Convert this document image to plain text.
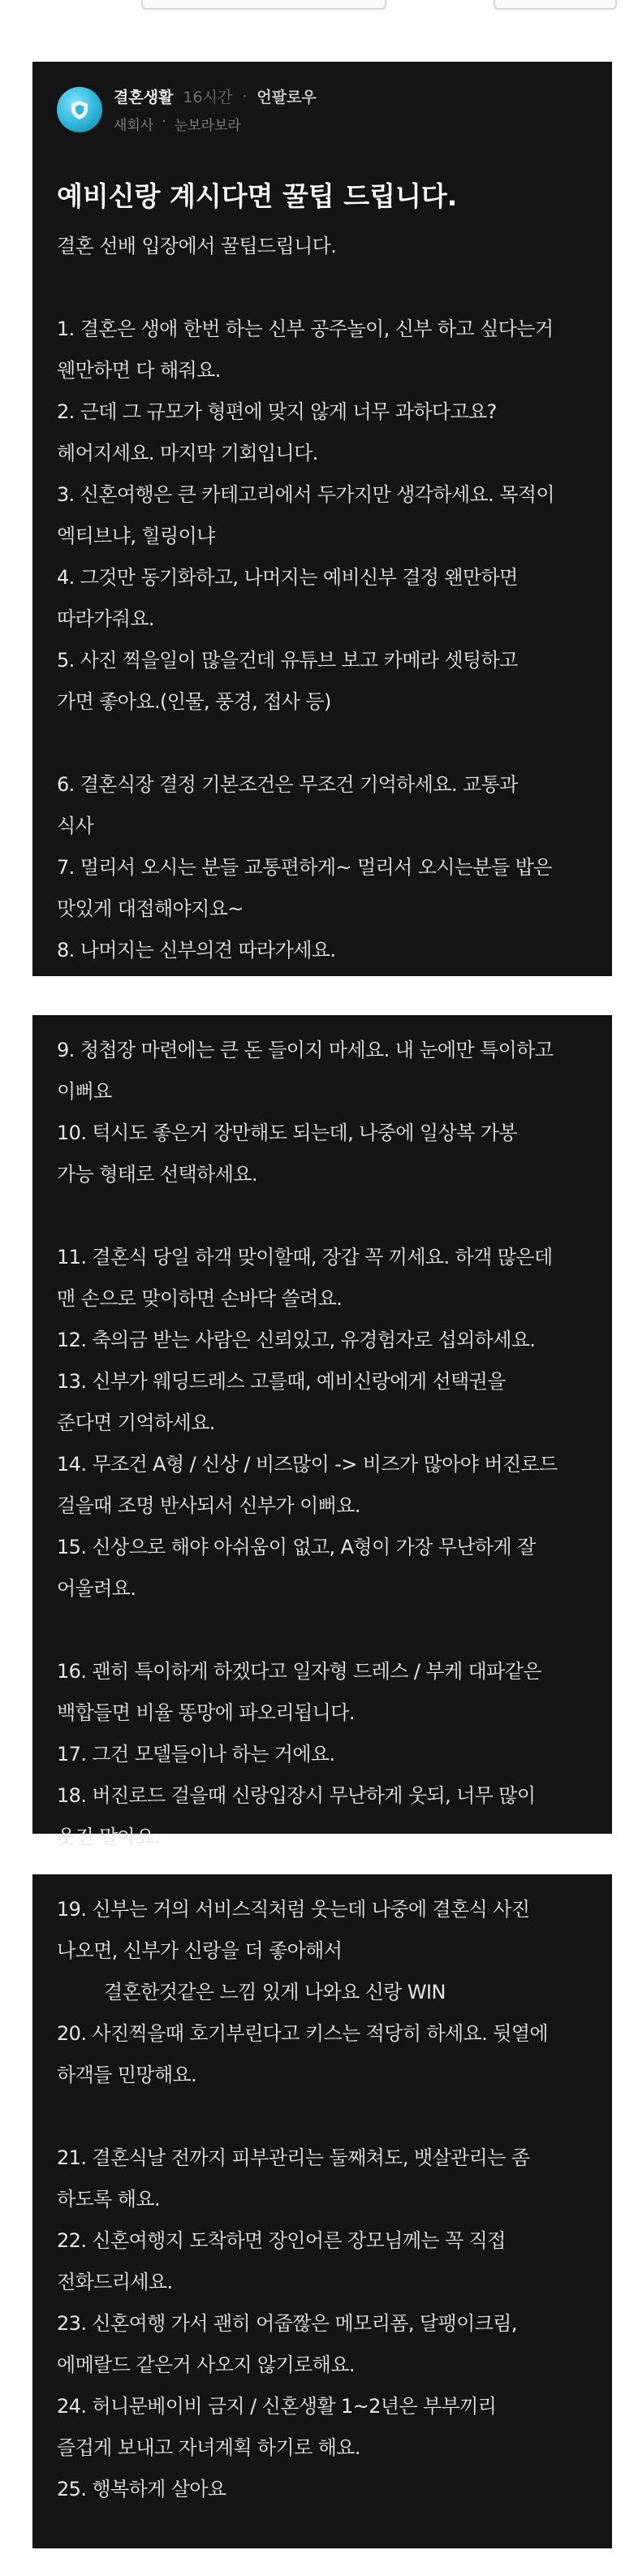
결혼생활 16시간 · 언팔로우
새회사 · 눈보라보라
예비신랑 계시다면 꿀팁 드립니다.
결혼 선배 입장에서 꿀팁드립니다.
1. 결혼은 생애 한번 하는 신부 공주놀이, 신부 하고 싶다는거
웬만하면 다 해줘요.
2. 근데 그 규모가 형편에 맞지 않게 너무 과하다고요?
헤어지세요. 마지막 기회입니다.
3. 신혼여행은 큰 카테고리에서 두가지만 생각하세요. 목적이
엑티브냐, 힐링이냐
4. 그것만 동기화하고, 나머지는 예비신부 결정 왠만하면
따라가줘요.
5. 사진 찍을일이 많을건데 유튜브 보고 카메라 셋팅하고
가면 좋아요.(인물, 풍경, 접사 등)
6. 결혼식장 결정 기본조건은 무조건 기억하세요. 교통과
식사
7. 멀리서 오시는 분들 교통편하게~ 멀리서 오시는분들 밥은
맛있게 대접해야지요~
8. 나머지는 신부의견 따라가세요.
9. 청첩장 마련에는 큰 돈 들이지 마세요. 내 눈에만 특이하고
이뻐요
10. 턱시도 좋은거 장만해도 되는데, 나중에 일상복 가봉
가능 형태로 선택하세요.
11. 결혼식 당일 하객 맞이할때, 장갑 꼭 끼세요. 하객 많은데
맨 손으로 맞이하면 손바닥 쓸려요.
12. 축의금 받는 사람은 신뢰있고, 유경험자로 섭외하세요.
13. 신부가 웨딩드레스 고를때, 예비신랑에게 선택권을
준다면 기억하세요.
14. 무조건 A형 / 신상 / 비즈많이 -> 비즈가 많아야 버진로드
걸을때 조명 반사되서 신부가 이뻐요.
15. 신상으로 해야 아쉬움이 없고, A형이 가장 무난하게 잘
어울려요.
16. 괜히 특이하게 하겠다고 일자형 드레스 / 부케 대파같은
백합들면 비율 똥망에 파오리됩니다.
17. 그건 모델들이나 하는 거에요.
18. 버진로드 걸을때 신랑입장시 무난하게 웃되, 너무 많이
웃진 말아요.
19. 신부는 거의 서비스직처럼 웃는데 나중에 결혼식 사진
나오면, 신부가 신랑을 더 좋아해서
결혼한것같은 느낌 있게 나와요 신랑 WIN
20. 사진찍을때 호기부린다고 키스는 적당히 하세요. 뒷열에
하객들 민망해요.
21. 결혼식날 전까지 피부관리는 둘째쳐도, 뱃살관리는 좀
하도록 해요.
22. 신혼여행지 도착하면 장인어른 장모님께는 꼭 직접
전화드리세요.
23. 신혼여행 가서 괜히 어줍짢은 메모리폼, 달팽이크림,
에메랄드 같은거 사오지 않기로해요.
24. 허니문베이비 금지 / 신혼생활 1~2년은 부부끼리
즐겁게 보내고 자녀계획 하기로 해요.
25. 행복하게 살아요
